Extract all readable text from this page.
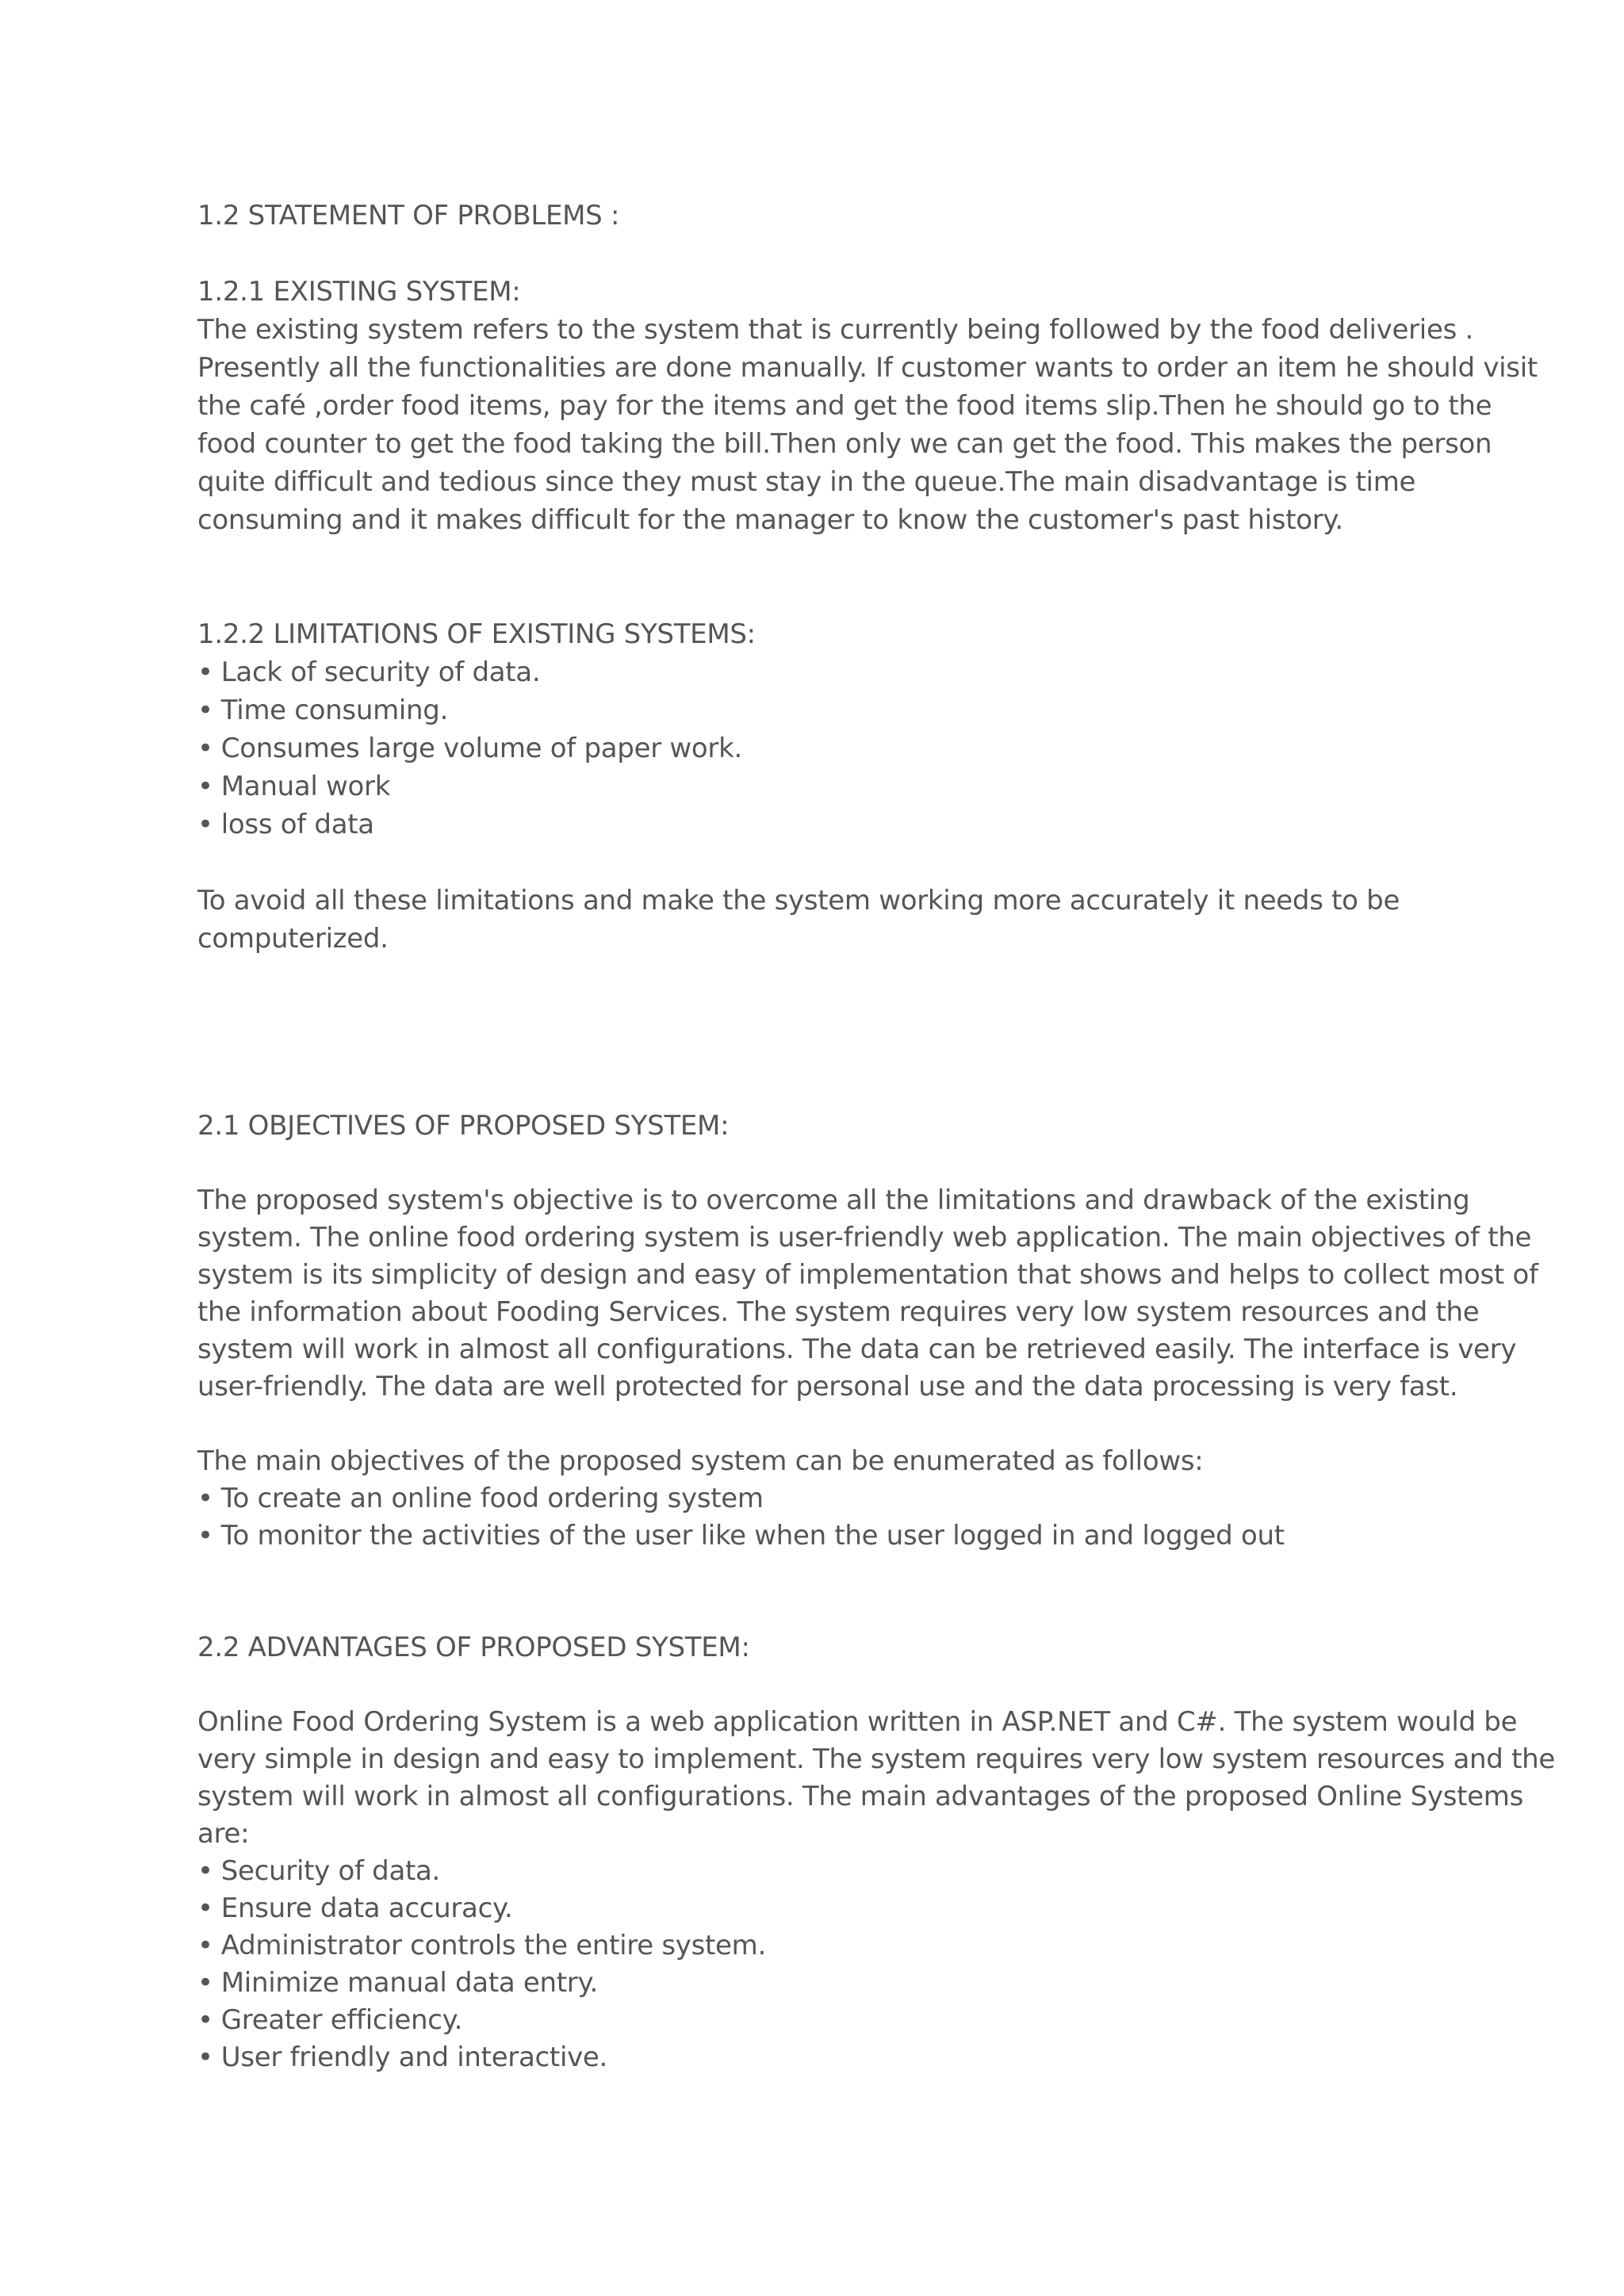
1.2 STATEMENT OF PROBLEMS :

1.2.1 EXISTING SYSTEM:

The existing system refers to the system that is currently being followed by the food deliveries .

Presently all the functionalities are done manually. If customer wants to order an item he should visit

the café ,order food items, pay for the items and get the food items slip.Then he should go to the

food counter to get the food taking the bill.Then only we can get the food. This makes the person

quite difficult and tedious since they must stay in the queue.The main disadvantage is time

consuming and it makes difficult for the manager to know the customer's past history.

1.2.2 LIMITATIONS OF EXISTING SYSTEMS:

• Lack of security of data.

• Time consuming.

• Consumes large volume of paper work.

• Manual work

• loss of data

To avoid all these limitations and make the system working more accurately it needs to be

computerized.

2.1 OBJECTIVES OF PROPOSED SYSTEM:

The proposed system's objective is to overcome all the limitations and drawback of the existing

system. The online food ordering system is user-friendly web application. The main objectives of the

system is its simplicity of design and easy of implementation that shows and helps to collect most of

the information about Fooding Services. The system requires very low system resources and the

system will work in almost all configurations. The data can be retrieved easily. The interface is very

user-friendly. The data are well protected for personal use and the data processing is very fast.

The main objectives of the proposed system can be enumerated as follows:

• To create an online food ordering system

• To monitor the activities of the user like when the user logged in and logged out

2.2 ADVANTAGES OF PROPOSED SYSTEM:

Online Food Ordering System is a web application written in ASP.NET and C#. The system would be

very simple in design and easy to implement. The system requires very low system resources and the

system will work in almost all configurations. The main advantages of the proposed Online Systems

are:

• Security of data.

• Ensure data accuracy.

• Administrator controls the entire system.

• Minimize manual data entry.

• Greater efficiency.

• User friendly and interactive.
